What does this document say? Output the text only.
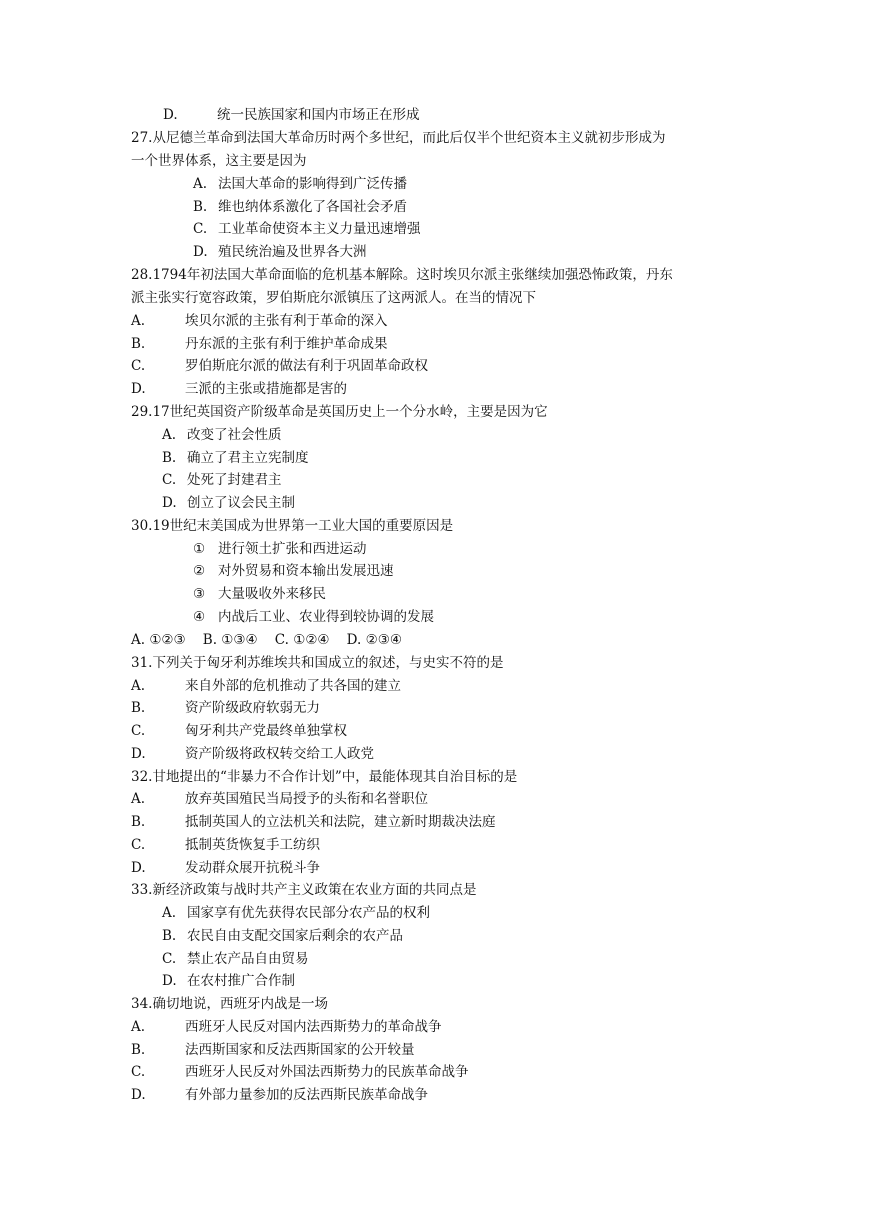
D.	统一民族国家和国内市场正在形成
27.从尼德兰革命到法国大革命历时两个多世纪，而此后仅半个世纪资本主义就初步形成为
一个世界体系，这主要是因为
A. 法国大革命的影响得到广泛传播
B. 维也纳体系激化了各国社会矛盾
C. 工业革命使资本主义力量迅速增强
D. 殖民统治遍及世界各大洲
28.1794年初法国大革命面临的危机基本解除。这时埃贝尔派主张继续加强恐怖政策，丹东
派主张实行宽容政策，罗伯斯庇尔派镇压了这两派人。在当的情况下
A.	埃贝尔派的主张有利于革命的深入
B.	丹东派的主张有利于维护革命成果
C.	罗伯斯庇尔派的做法有利于巩固革命政权
D.	三派的主张或措施都是害的
29.17世纪英国资产阶级革命是英国历史上一个分水岭，主要是因为它
A. 改变了社会性质
B. 确立了君主立宪制度
C. 处死了封建君主
D. 创立了议会民主制
30.19世纪末美国成为世界第一工业大国的重要原因是
① 进行领土扩张和西进运动
② 对外贸易和资本输出发展迅速
③ 大量吸收外来移民
④ 内战后工业、农业得到较协调的发展
A. ①②③    B. ①③④    C. ①②④    D. ②③④
31.下列关于匈牙利苏维埃共和国成立的叙述，与史实不符的是
A.	来自外部的危机推动了共各国的建立
B.	资产阶级政府软弱无力
C.	匈牙利共产党最终单独掌权
D.	资产阶级将政权转交给工人政党
32.甘地提出的“非暴力不合作计划”中，最能体现其自治目标的是
A.	放弃英国殖民当局授予的头衔和名誉职位
B.	抵制英国人的立法机关和法院，建立新时期裁决法庭
C.	抵制英货恢复手工纺织
D.	发动群众展开抗税斗争
33.新经济政策与战时共产主义政策在农业方面的共同点是
A. 国家享有优先获得农民部分农产品的权利
B. 农民自由支配交国家后剩余的农产品
C. 禁止农产品自由贸易
D. 在农村推广合作制
34.确切地说，西班牙内战是一场
A.	西班牙人民反对国内法西斯势力的革命战争
B.	法西斯国家和反法西斯国家的公开较量
C.	西班牙人民反对外国法西斯势力的民族革命战争
D.	有外部力量参加的反法西斯民族革命战争
